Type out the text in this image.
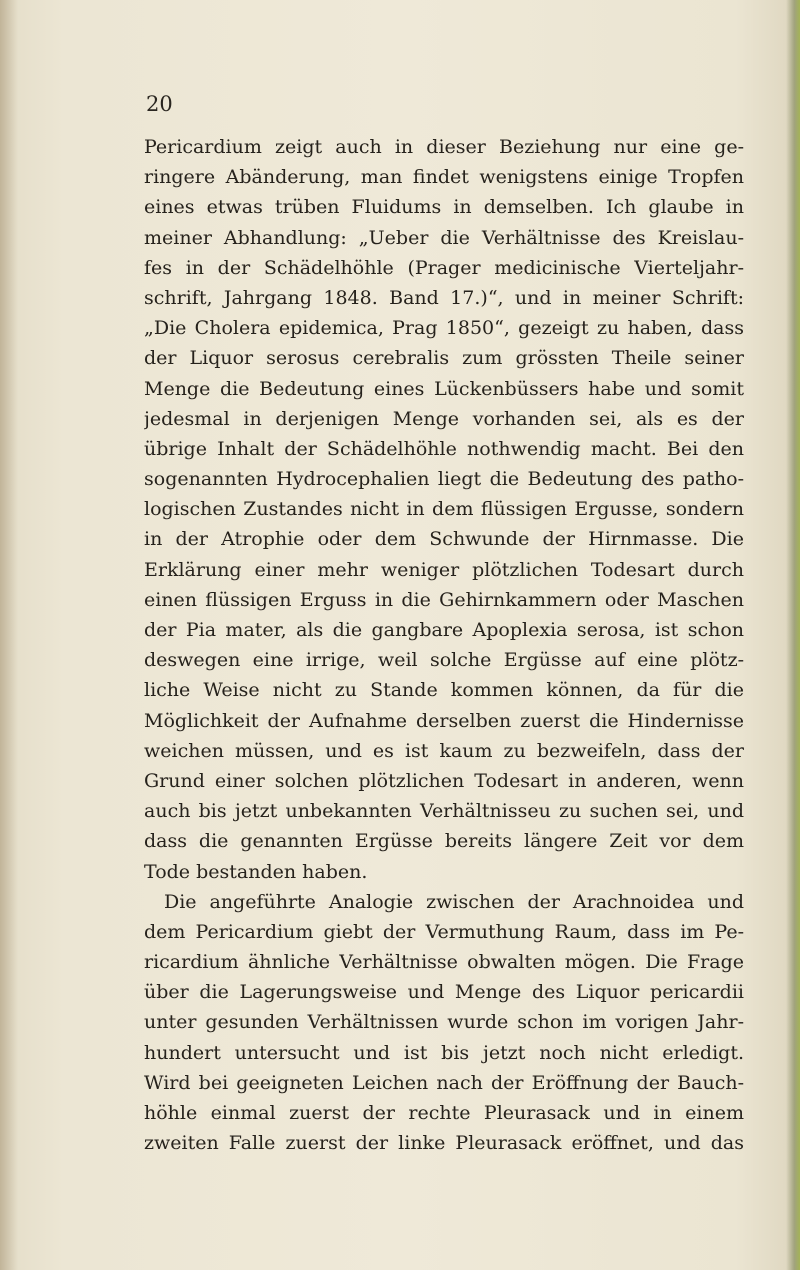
20

Pericardium zeigt auch in dieser Beziehung nur eine ge-
ringere Abänderung, man findet wenigstens einige Tropfen
eines etwas trüben Fluidums in demselben. Ich glaube in
meiner Abhandlung: „Ueber die Verhältnisse des Kreislau-
fes in der Schädelhöhle (Prager medicinische Vierteljahr-
schrift, Jahrgang 1848. Band 17.)“, und in meiner Schrift:
„Die Cholera epidemica, Prag 1850“, gezeigt zu haben, dass
der Liquor serosus cerebralis zum grössten Theile seiner
Menge die Bedeutung eines Lückenbüssers habe und somit
jedesmal in derjenigen Menge vorhanden sei, als es der
übrige Inhalt der Schädelhöhle nothwendig macht. Bei den
sogenannten Hydrocephalien liegt die Bedeutung des patho-
logischen Zustandes nicht in dem flüssigen Ergusse, sondern
in der Atrophie oder dem Schwunde der Hirnmasse. Die
Erklärung einer mehr weniger plötzlichen Todesart durch
einen flüssigen Erguss in die Gehirnkammern oder Maschen
der Pia mater, als die gangbare Apoplexia serosa, ist schon
deswegen eine irrige, weil solche Ergüsse auf eine plötz-
liche Weise nicht zu Stande kommen können, da für die
Möglichkeit der Aufnahme derselben zuerst die Hindernisse
weichen müssen, und es ist kaum zu bezweifeln, dass der
Grund einer solchen plötzlichen Todesart in anderen, wenn
auch bis jetzt unbekannten Verhältnisseu zu suchen sei, und
dass die genannten Ergüsse bereits längere Zeit vor dem
Tode bestanden haben.
Die angeführte Analogie zwischen der Arachnoidea und
dem Pericardium giebt der Vermuthung Raum, dass im Pe-
ricardium ähnliche Verhältnisse obwalten mögen. Die Frage
über die Lagerungsweise und Menge des Liquor pericardii
unter gesunden Verhältnissen wurde schon im vorigen Jahr-
hundert untersucht und ist bis jetzt noch nicht erledigt.
Wird bei geeigneten Leichen nach der Eröffnung der Bauch-
höhle einmal zuerst der rechte Pleurasack und in einem
zweiten Falle zuerst der linke Pleurasack eröffnet, und das
